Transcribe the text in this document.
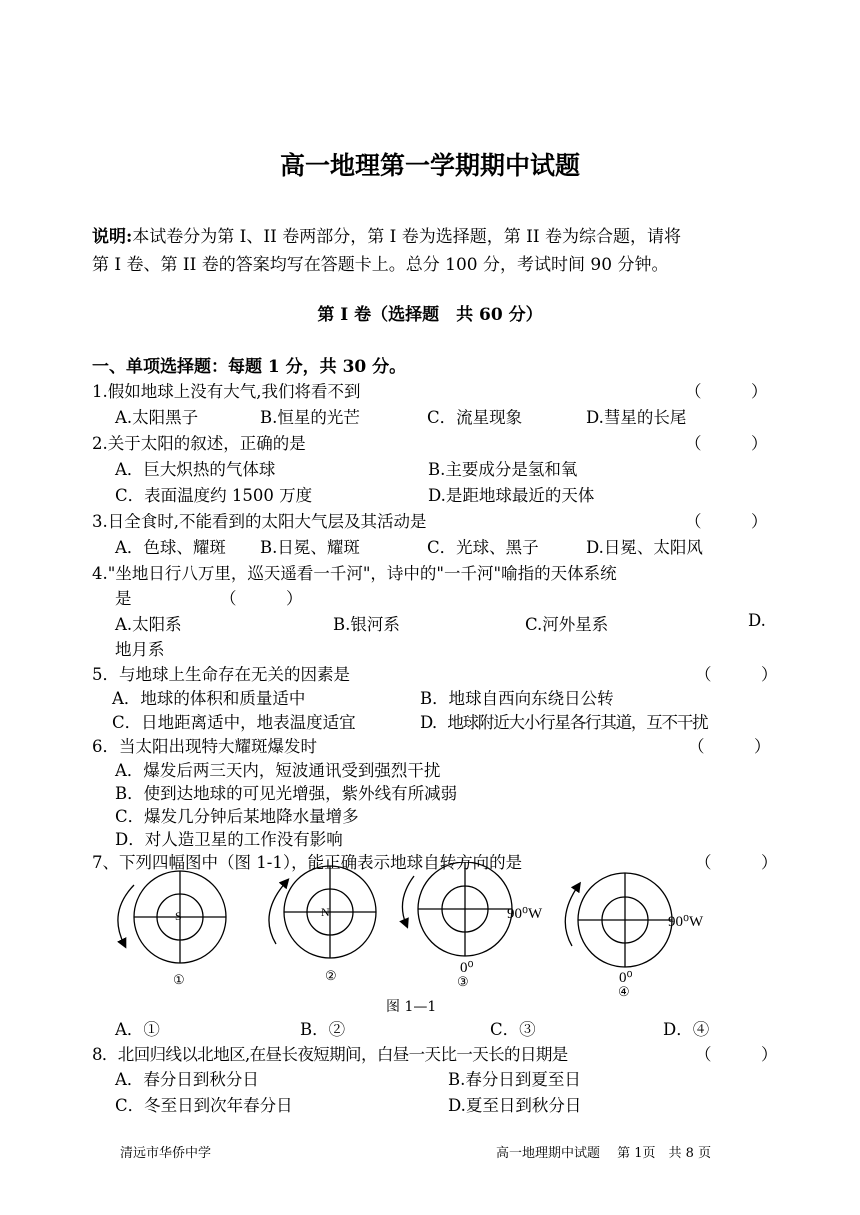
高一地理第一学期期中试题
说明:本试卷分为第 I、II 卷两部分，第 I 卷为选择题，第 II 卷为综合题，请将
第 I 卷、第 II 卷的答案均写在答题卡上。总分 100 分，考试时间 90 分钟。
第 I 卷（选择题　共 60 分）
一、单项选择题：每题 1 分，共 30 分。
1.假如地球上没有大气,我们将看不到	（　　　）
A.太阳黑子	B.恒星的光芒	C．流星现象	D.彗星的长尾
2.关于太阳的叙述，正确的是	（　　　）
A．巨大炽热的气体球	B.主要成分是氢和氧
C．表面温度约 1500 万度	D.是距地球最近的天体
3.日全食时,不能看到的太阳大气层及其活动是	（　　　）
A．色球、耀斑 B.日冕、耀斑	C．光球、黑子	D.日冕、太阳风
4."坐地日行八万里，巡天遥看一千河"，诗中的"一千河"喻指的天体系统
是	（　　　）
A.太阳系	B.银河系	C.河外星系	D.
地月系
5．与地球上生命存在无关的因素是	（　　　）
A．地球的体积和质量适中	B．地球自西向东绕日公转
C．日地距离适中，地表温度适宜	D．地球附近大小行星各行其道，互不干扰
6．当太阳出现特大耀斑爆发时	（　　　）
A．爆发后两三天内，短波通讯受到强烈干扰
B．使到达地球的可见光增强，紫外线有所减弱
C．爆发几分钟后某地降水量增多
D．对人造卫星的工作没有影响
7、下列四幅图中（图 1-1），能正确表示地球自转方向的是	（　　　）
S	N
①	②	③
④
90⁰W	90⁰W
0⁰
0⁰
图 1—1
A．①	B．②	C．③	D．④
8．北回归线以北地区,在昼长夜短期间，白昼一天比一天长的日期是	（　　　）
A．春分日到秋分日	B.春分日到夏至日
C．冬至日到次年春分日	D.夏至日到秋分日
清远市华侨中学	高一地理期中试题　 第 1页　共 8 页
